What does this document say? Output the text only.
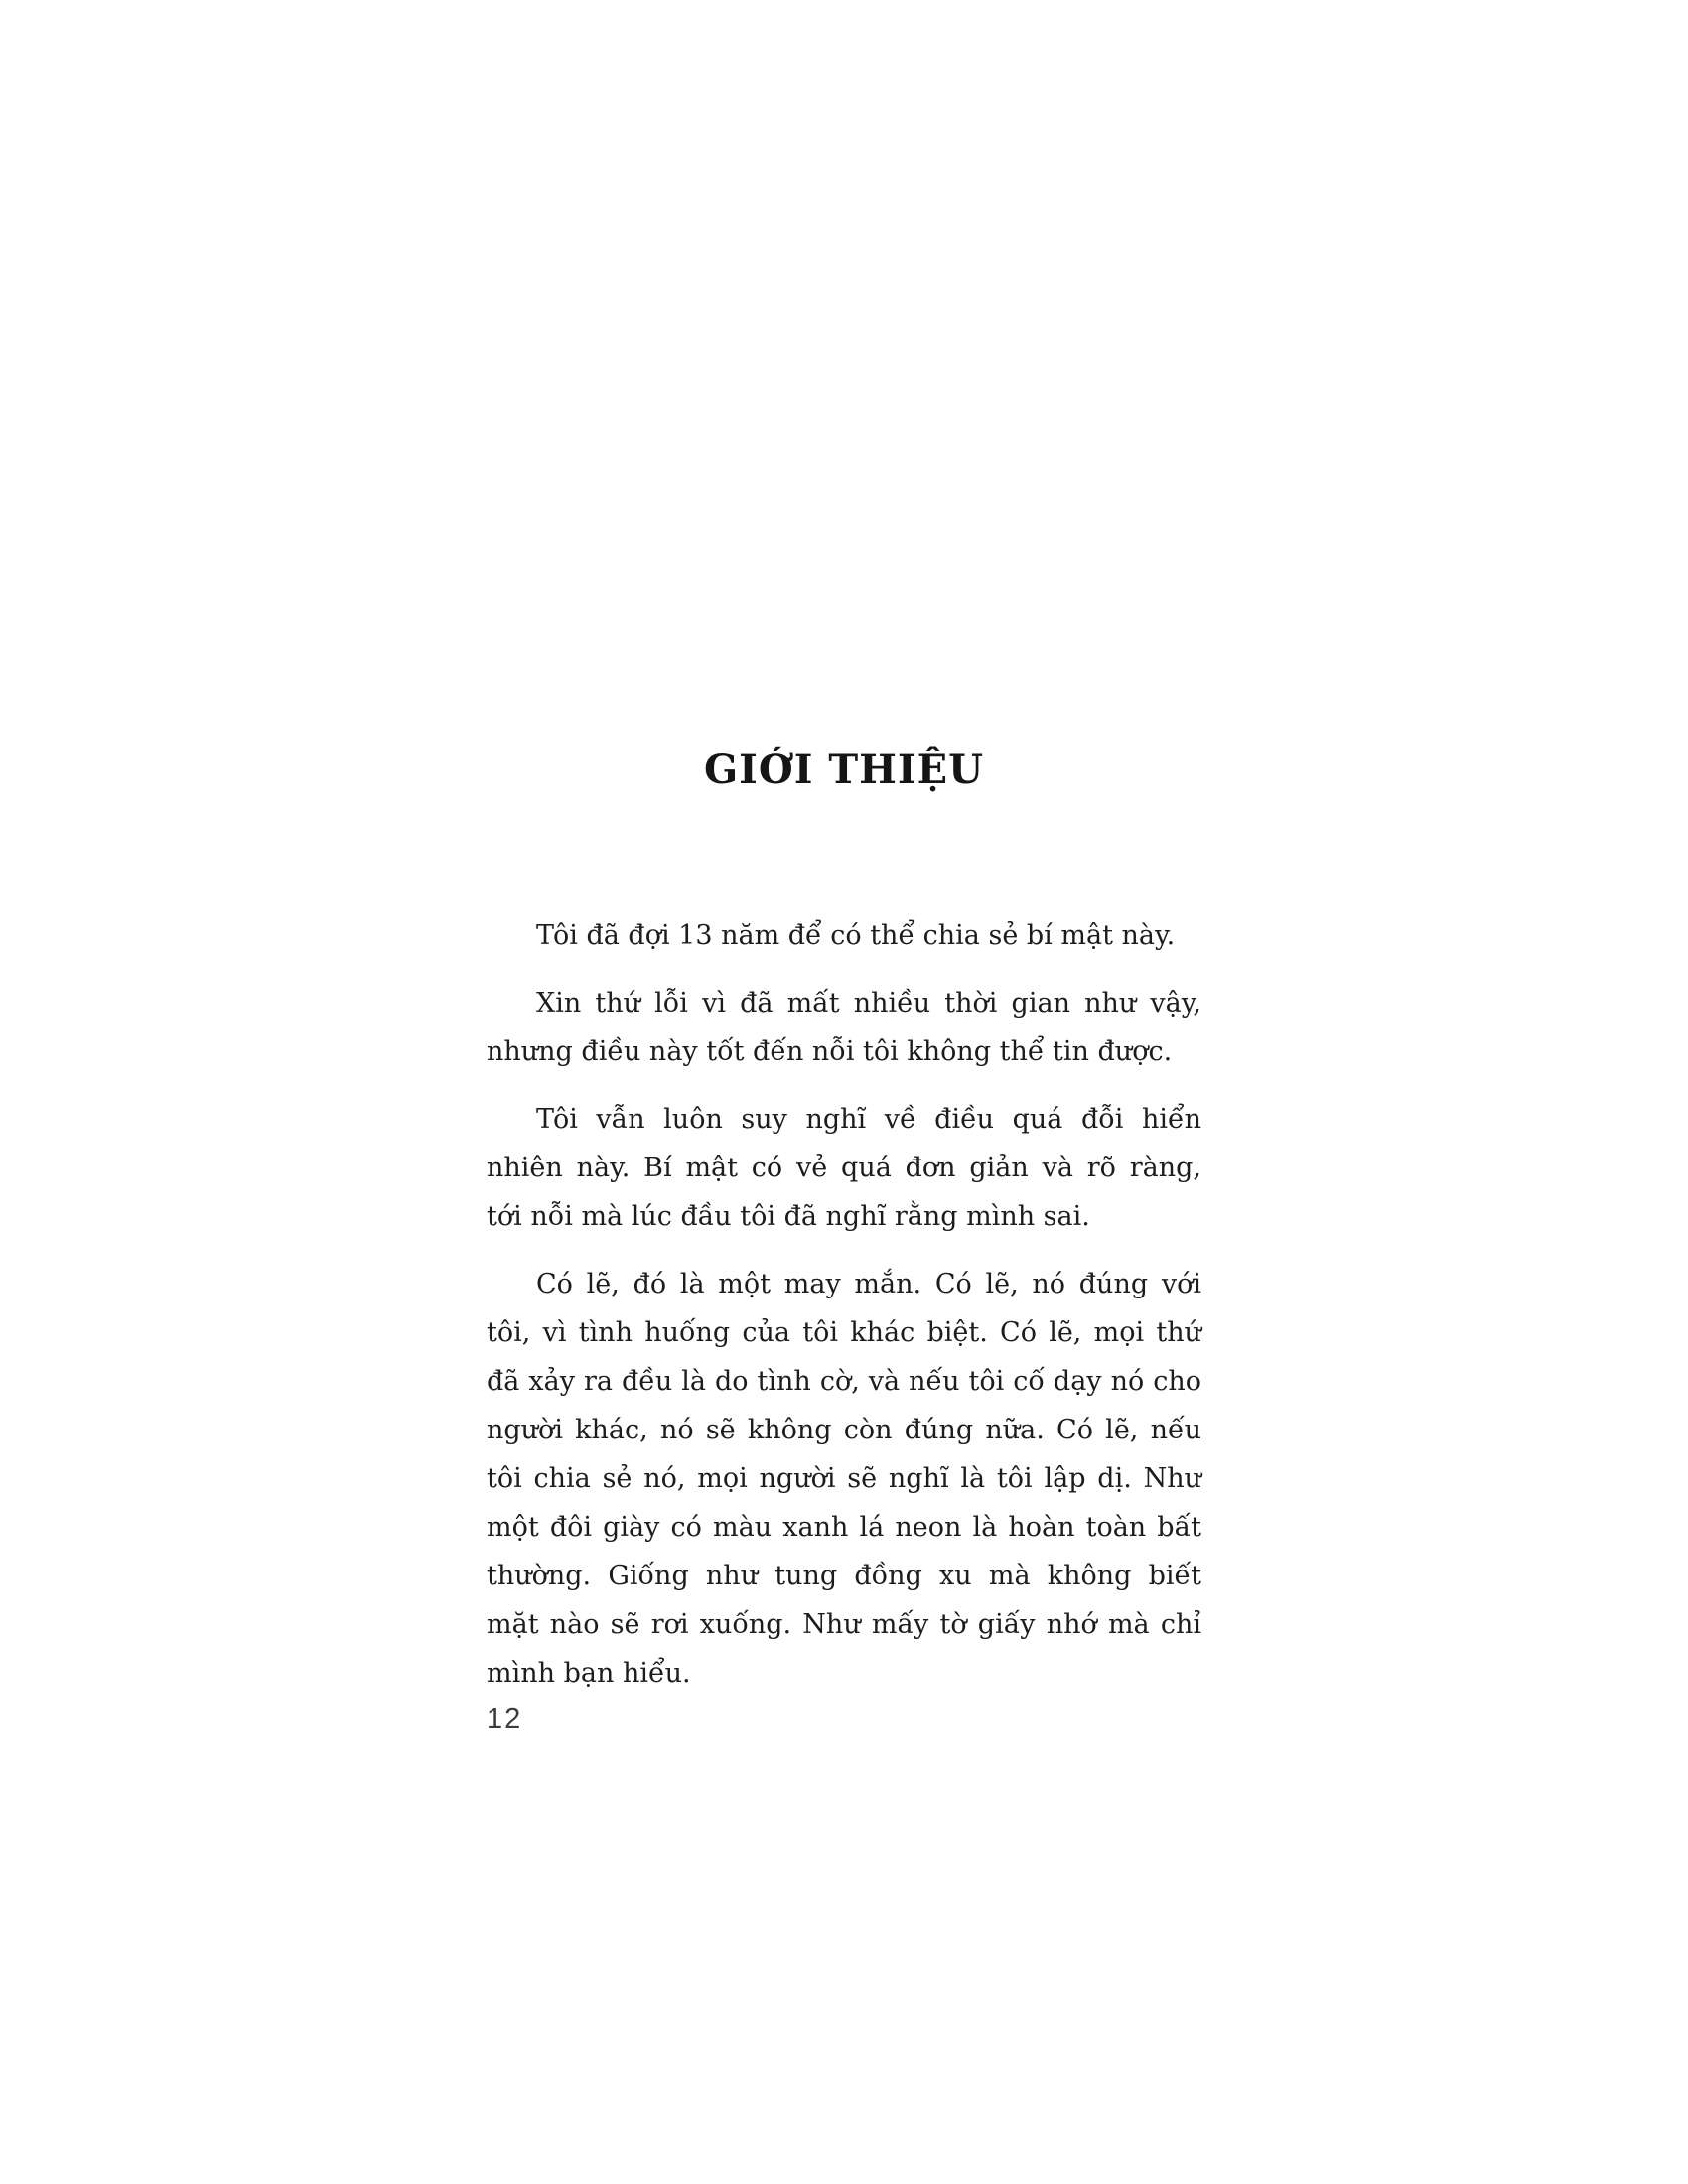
GIỚI THIỆU
Tôi đã đợi 13 năm để có thể chia sẻ bí mật này.
Xin thứ lỗi vì đã mất nhiều thời gian như vậy,
nhưng điều này tốt đến nỗi tôi không thể tin được.
Tôi vẫn luôn suy nghĩ về điều quá đỗi hiển
nhiên này. Bí mật có vẻ quá đơn giản và rõ ràng,
tới nỗi mà lúc đầu tôi đã nghĩ rằng mình sai.
Có lẽ, đó là một may mắn. Có lẽ, nó đúng với
tôi, vì tình huống của tôi khác biệt. Có lẽ, mọi thứ
đã xảy ra đều là do tình cờ, và nếu tôi cố dạy nó cho
người khác, nó sẽ không còn đúng nữa. Có lẽ, nếu
tôi chia sẻ nó, mọi người sẽ nghĩ là tôi lập dị. Như
một đôi giày có màu xanh lá neon là hoàn toàn bất
thường. Giống như tung đồng xu mà không biết
mặt nào sẽ rơi xuống. Như mấy tờ giấy nhớ mà chỉ
mình bạn hiểu.
12
